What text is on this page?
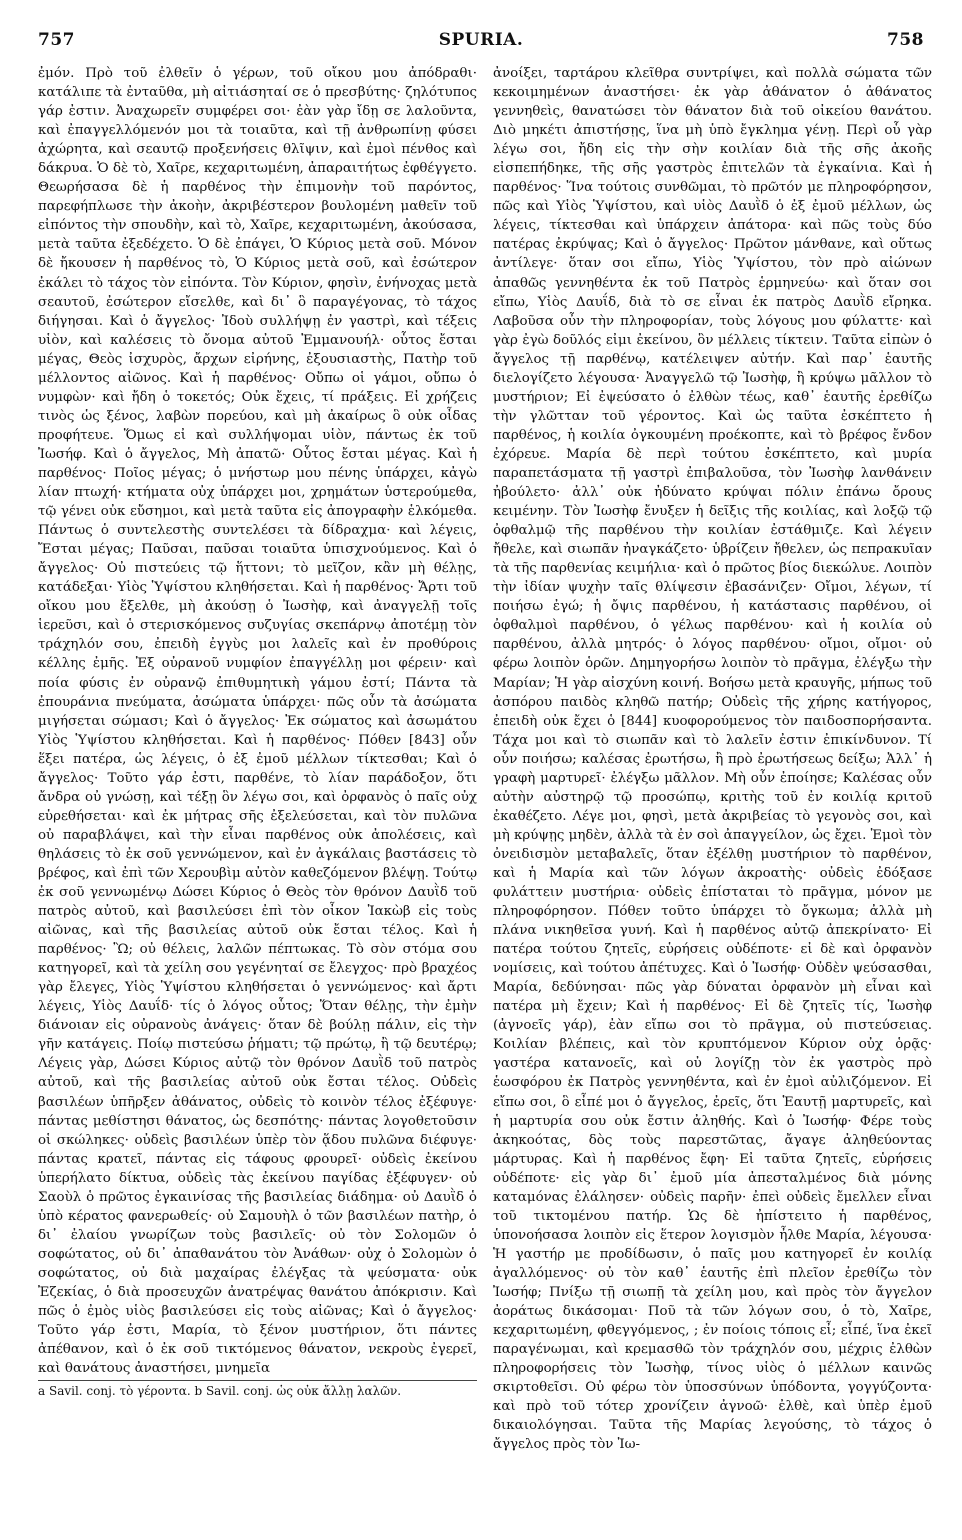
757	SPURIA.	758

ἐμόν. Πρὸ τοῦ ἐλθεῖν ὁ γέρων, τοῦ οἴκου μου ἀπόδραθι· κατάλιπε τὰ ἐνταῦθα, μὴ αἰτιάσηταί σε ὁ πρεσβύτης· ζηλότυπος γάρ ἐστιν. Ἀναχωρεῖν συμφέρει σοι· ἐὰν γὰρ ἴδῃ σε λαλοῦντα, καὶ ἐπαγγελλόμενόν μοι τὰ τοιαῦτα, καὶ τῇ ἀνθρωπίνῃ φύσει ἀχώρητα, καὶ σεαυτῷ προξενήσεις θλῖψιν, καὶ ἐμοὶ πένθος καὶ δάκρυα. Ὁ δὲ τὸ, Χαῖρε, κεχαριτωμένη, ἀπαραιτήτως ἐφθέγγετο. Θεωρήσασα δὲ ἡ παρθένος τὴν ἐπιμονὴν τοῦ παρόντος, παρεφήπλωσε τὴν ἀκοὴν, ἀκριβέστερον βουλομένη μαθεῖν τοῦ εἰπόντος τὴν σπουδὴν, καὶ τὸ, Χαῖρε, κεχαριτωμένη, ἀκούσασα, μετὰ ταῦτα ἐξεδέχετο. Ὁ δὲ ἐπάγει, Ὁ Κύριος μετὰ σοῦ. Μόνον δὲ ἤκουσεν ἡ παρθένος τὸ, Ὁ Κύριος μετὰ σοῦ, καὶ ἐσώτερον ἐκάλει τὸ τάχος τὸν εἰπόντα. Τὸν Κύριον, φησὶν, ἐνήνοχας μετὰ σεαυτοῦ, ἐσώτερον εἴσελθε, καὶ δι᾽ ὃ παραγέγονας, τὸ τάχος διήγησαι. Καὶ ὁ ἄγγελος· Ἰδοὺ συλλήψῃ ἐν γαστρὶ, καὶ τέξεις υἱὸν, καὶ καλέσεις τὸ ὄνομα αὐτοῦ Ἐμμανουήλ· οὗτος ἔσται μέγας, Θεὸς ἰσχυρὸς, ἄρχων εἰρήνης, ἐξουσιαστὴς, Πατὴρ τοῦ μέλλοντος αἰῶνος. Καὶ ἡ παρθένος· Οὔπω οἱ γάμοι, οὔπω ὁ νυμφὼν· καὶ ἤδη ὁ τοκετός; Οὐκ ἔχεις, τί πράξεις. Εἰ χρήζεις τινὸς ὡς ξένος, λαβὼν πορεύου, καὶ μὴ ἀκαίρως ὃ οὐκ οἶδας προφήτευε. Ὅμως εἰ καὶ συλλήψομαι υἱὸν, πάντως ἐκ τοῦ Ἰωσήφ. Καὶ ὁ ἄγγελος, Μὴ ἀπατῶ· Οὗτος ἔσται μέγας. Καὶ ἡ παρθένος· Ποῖος μέγας; ὁ μνήστωρ μου πένης ὑπάρχει, κἀγὼ λίαν πτωχή· κτήματα οὐχ ὑπάρχει μοι, χρημάτων ὑστερούμεθα, τῷ γένει οὐκ εὔσημοι, καὶ μετὰ ταῦτα εἰς ἀπογραφὴν ἑλκόμεθα. Πάντως ὁ συντελεστὴς συντελέσει τὰ δίδραχμα· καὶ λέγεις, Ἔσται μέγας; Παῦσαι, παῦσαι τοιαῦτα ὑπισχνούμενος. Καὶ ὁ ἄγγελος· Οὐ πιστεύεις τῷ ἥττονι; τὸ μεῖζον, κἂν μὴ θέλῃς, κατάδεξαι· Υἱὸς Ὑψίστου κληθήσεται. Καὶ ἡ παρθένος· Ἄρτι τοῦ οἴκου μου ἔξελθε, μὴ ἀκούσῃ ὁ Ἰωσὴφ, καὶ ἀναγγελῇ τοῖς ἱερεῦσι, καὶ ὁ στερισκόμενος συζυγίας σκεπάρνῳ ἀποτέμῃ τὸν τράχηλόν σου, ἐπειδὴ ἐγγὺς μοι λαλεῖς καὶ ἐν προθύροις κέλλης ἐμῆς. Ἐξ οὐρανοῦ νυμφίον ἐπαγγέλλῃ μοι φέρειν· καὶ ποία φύσις ἐν οὐρανῷ ἐπιθυμητικὴ γάμου ἐστί; Πάντα τὰ ἐπουράνια πνεύματα, ἀσώματα ὑπάρχει· πῶς οὖν τὰ ἀσώματα μιγήσεται σώμασι; Καὶ ὁ ἄγγελος· Ἐκ σώματος καὶ ἀσωμάτου Υἱὸς Ὑψίστου κληθήσεται. Καὶ ἡ παρθένος· Πόθεν [843] οὖν ἕξει πατέρα, ὡς λέγεις, ὁ ἐξ ἐμοῦ μέλλων τίκτεσθαι; Καὶ ὁ ἄγγελος· Τοῦτο γάρ ἐστι, παρθένε, τὸ λίαν παράδοξον, ὅτι ἄνδρα οὐ γνώσῃ, καὶ τέξῃ ὃν λέγω σοι, καὶ ὀρφανὸς ὁ παῖς οὐχ εὑρεθήσεται· καὶ ἐκ μήτρας σῆς ἐξελεύσεται, καὶ τὸν πυλῶνα οὐ παραβλάψει, καὶ τὴν εἶναι παρθένος οὐκ ἀπολέσεις, καὶ θηλάσεις τὸ ἐκ σοῦ γεννώμενον, καὶ ἐν ἀγκάλαις βαστάσεις τὸ βρέφος, καὶ ἐπὶ τῶν Χερουβὶμ αὐτὸν καθεζόμενον βλέψῃ. Τούτῳ ἐκ σοῦ γεννωμένῳ Δώσει Κύριος ὁ Θεὸς τὸν θρόνον Δαυῒδ τοῦ πατρὸς αὐτοῦ, καὶ βασιλεύσει ἐπὶ τὸν οἶκον Ἰακὼβ εἰς τοὺς αἰῶνας, καὶ τῆς βασιλείας αὐτοῦ οὐκ ἔσται τέλος. Καὶ ἡ παρθένος· Ὢ; οὐ θέλεις, λαλῶν πέπτωκας. Τὸ σὸν στόμα σου κατηγορεῖ, καὶ τὰ χείλη σου γεγένηταί σε ἔλεγχος· πρὸ βραχέος γὰρ ἔλεγες, Υἱὸς Ὑψίστου κληθήσεται ὁ γεννώμενος· καὶ ἄρτι λέγεις, Υἱὸς Δαυΐδ· τίς ὁ λόγος οὗτος; Ὅταν θέλῃς, τὴν ἐμὴν διάνοιαν εἰς οὐρανοὺς ἀνάγεις· ὅταν δὲ βούλῃ πάλιν, εἰς τὴν γῆν κατάγεις. Ποίῳ πιστεύσω ῥήματι; τῷ πρώτῳ, ἢ τῷ δευτέρῳ; Λέγεις γὰρ, Δώσει Κύριος αὐτῷ τὸν θρόνον Δαυῒδ τοῦ πατρὸς αὐτοῦ, καὶ τῆς βασιλείας αὐτοῦ οὐκ ἔσται τέλος. Οὐδεὶς βασιλέων ὑπῆρξεν ἀθάνατος, οὐδεὶς τὸ κοινὸν τέλος ἐξέφυγε· πάντας μεθίστησι θάνατος, ὡς δεσπότης· πάντας λογοθετοῦσιν οἱ σκώληκες· οὐδεὶς βασιλέων ὑπὲρ τὸν ᾅδου πυλῶνα διέφυγε· πάντας κρατεῖ, πάντας εἰς τάφους φρουρεῖ· οὐδεὶς ἐκείνου ὑπερήλατο δίκτυα, οὐδεὶς τὰς ἐκείνου παγίδας ἐξέφυγεν· οὐ Σαοὺλ ὁ πρῶτος ἐγκαινίσας τῆς βασιλείας διάδημα· οὐ Δαυῒδ ὁ ὑπὸ κέρατος φανερωθείς· οὐ Σαμουὴλ ὁ τῶν βασιλέων πατὴρ, ὁ δι᾽ ἐλαίου γνωρίζων τοὺς βασιλεῖς· οὐ τὸν Σολομῶν ὁ σοφώτατος, οὐ δι᾽ ἀπαθανάτου τὸν Ἀνάθων· οὐχ ὁ Σολομὼν ὁ σοφώτατος, οὐ διὰ μαχαίρας ἐλέγξας τὰ ψεύσματα· οὐκ Ἐζεκίας, ὁ διὰ προσευχῶν ἀνατρέψας θανάτου ἀπόκρισιν. Καὶ πῶς ὁ ἐμὸς υἱὸς βασιλεύσει εἰς τοὺς αἰῶνας; Καὶ ὁ ἄγγελος· Τοῦτο γάρ ἐστι, Μαρία, τὸ ξένον μυστήριον, ὅτι πάντες ἀπέθανον, καὶ ὁ ἐκ σοῦ τικτόμενος θάνατον, νεκροὺς ἐγερεῖ, καὶ θανάτους ἀναστήσει, μνημεῖα

a Savil. conj. τὸ γέροντα. b Savil. conj. ὡς οὐκ ἄλλῃ λαλῶν.

ἀνοίξει, ταρτάρου κλεῖθρα συντρίψει, καὶ πολλὰ σώματα τῶν κεκοιμημένων ἀναστήσει· ἐκ γὰρ ἀθάνατον ὁ ἀθάνατος γεννηθεὶς, θανατώσει τὸν θάνατον διὰ τοῦ οἰκείου θανάτου. Διὸ μηκέτι ἀπιστήσῃς, ἵνα μὴ ὑπὸ ἔγκλημα γένῃ. Περὶ οὗ γὰρ λέγω σοι, ἤδη εἰς τὴν σὴν κοιλίαν διὰ τῆς σῆς ἀκοῆς εἰσπεπήδηκε, τῆς σῆς γαστρὸς ἐπιτελῶν τὰ ἐγκαίνια. Καὶ ἡ παρθένος· Ἵνα τούτοις συνθῶμαι, τὸ πρῶτόν με πληροφόρησον, πῶς καὶ Υἱὸς Ὑψίστου, καὶ υἱὸς Δαυῒδ ὁ ἐξ ἐμοῦ μέλλων, ὡς λέγεις, τίκτεσθαι καὶ ὑπάρχειν ἀπάτορα· καὶ πῶς τοὺς δύο πατέρας ἐκρύψας; Καὶ ὁ ἄγγελος· Πρῶτον μάνθανε, καὶ οὕτως ἀντίλεγε· ὅταν σοι εἴπω, Υἱὸς Ὑψίστου, τὸν πρὸ αἰώνων ἀπαθῶς γεννηθέντα ἐκ τοῦ Πατρὸς ἑρμηνεύω· καὶ ὅταν σοι εἴπω, Υἱὸς Δαυΐδ, διὰ τὸ σε εἶναι ἐκ πατρὸς Δαυῒδ εἴρηκα. Λαβοῦσα οὖν τὴν πληροφορίαν, τοὺς λόγους μου φύλαττε· καὶ γὰρ ἐγὼ δοῦλός εἰμι ἐκείνου, ὃν μέλλεις τίκτειν. Ταῦτα εἰπὼν ὁ ἄγγελος τῇ παρθένῳ, κατέλειψεν αὐτήν. Καὶ παρ᾽ ἑαυτῆς διελογίζετο λέγουσα· Ἀναγγελῶ τῷ Ἰωσὴφ, ἢ κρύψω μᾶλλον τὸ μυστήριον; Εἰ ἐψεύσατο ὁ ἐλθὼν τέως, καθ᾽ ἑαυτῆς ἐρεθίζω τὴν γλῶτταν τοῦ γέροντος. Καὶ ὡς ταῦτα ἐσκέπτετο ἡ παρθένος, ἡ κοιλία ὀγκουμένη προέκοπτε, καὶ τὸ βρέφος ἔνδον ἐχόρευε. Μαρία δὲ περὶ τούτου ἐσκέπτετο, καὶ μυρία παραπετάσματα τῇ γαστρὶ ἐπιβαλοῦσα, τὸν Ἰωσὴφ λανθάνειν ἠβούλετο· ἀλλ᾽ οὐκ ἠδύνατο κρύψαι πόλιν ἐπάνω ὄρους κειμένην. Τὸν Ἰωσὴφ ἔνυξεν ἡ δεῖξις τῆς κοιλίας, καὶ λοξῷ τῷ ὀφθαλμῷ τῆς παρθένου τὴν κοιλίαν ἐστάθμιζε. Καὶ λέγειν ἤθελε, καὶ σιωπᾶν ἠναγκάζετο· ὑβρίζειν ἤθελεν, ὡς πεπρακυῖαν τὰ τῆς παρθενίας κειμήλια· καὶ ὁ πρῶτος βίος διεκώλυε. Λοιπὸν τὴν ἰδίαν ψυχὴν ταῖς θλίψεσιν ἐβασάνιζεν· Οἴμοι, λέγων, τί ποιήσω ἐγώ; ἡ ὄψις παρθένου, ἡ κατάστασις παρθένου, οἱ ὀφθαλμοὶ παρθένου, ὁ γέλως παρθένου· καὶ ἡ κοιλία οὐ παρθένου, ἀλλὰ μητρός· ὁ λόγος παρθένου· οἴμοι, οἴμοι· οὐ φέρω λοιπὸν ὁρῶν. Δημηγορήσω λοιπὸν τὸ πρᾶγμα, ἐλέγξω τὴν Μαρίαν; Ἡ γὰρ αἰσχύνη κοινή. Βοήσω μετὰ κραυγῆς, μήπως τοῦ ἀσπόρου παιδὸς κληθῶ πατήρ; Οὐδεὶς τῆς χήρης κατήγορος, ἐπειδὴ οὐκ ἔχει ὁ [844] κυοφορούμενος τὸν παιδοσπορήσαντα. Τάχα μοι καὶ τὸ σιωπᾶν καὶ τὸ λαλεῖν ἐστιν ἐπικίνδυνον. Τί οὖν ποιήσω; καλέσας ἐρωτήσω, ἢ πρὸ ἐρωτήσεως δείξω; Ἀλλ᾽ ἡ γραφὴ μαρτυρεῖ· ἐλέγξω μᾶλλον. Μὴ οὖν ἐποίησε; Καλέσας οὖν αὐτὴν αὐστηρῷ τῷ προσώπῳ, κριτὴς τοῦ ἐν κοιλίᾳ κριτοῦ ἐκαθέζετο. Λέγε μοι, φησὶ, μετὰ ἀκριβείας τὸ γεγονὸς σοι, καὶ μὴ κρύψῃς μηδὲν, ἀλλὰ τὰ ἐν σοὶ ἀπαγγείλον, ὡς ἔχει. Ἐμοὶ τὸν ὀνειδισμὸν μεταβαλεῖς, ὅταν ἐξέλθῃ μυστήριον τὸ παρθένον, καὶ ἡ Μαρία καὶ τῶν λόγων ἀκροατὴς· οὐδεὶς ἐδόξασε φυλάττειν μυστήρια· οὐδεὶς ἐπίσταται τὸ πρᾶγμα, μόνον με πληροφόρησον. Πόθεν τοῦτο ὑπάρχει τὸ ὄγκωμα; ἀλλὰ μὴ πλάνα νικηθεῖσα γυνή. Καὶ ἡ παρθένος αὐτῷ ἀπεκρίνατο· Εἰ πατέρα τούτου ζητεῖς, εὑρήσεις οὐδέποτε· εἰ δὲ καὶ ὀρφανὸν νομίσεις, καὶ τούτου ἀπέτυχες. Καὶ ὁ Ἰωσήφ· Οὐδὲν ψεύσασθαι, Μαρία, δεδύνησαι· πῶς γὰρ δύναται ὀρφανὸν μὴ εἶναι καὶ πατέρα μὴ ἔχειν; Καὶ ἡ παρθένος· Εἰ δὲ ζητεῖς τίς, Ἰωσὴφ (ἀγνοεῖς γάρ), ἐὰν εἴπω σοι τὸ πρᾶγμα, οὐ πιστεύσειας. Κοιλίαν βλέπεις, καὶ τὸν κρυπτόμενον Κύριον οὐχ ὁρᾷς· γαστέρα κατανοεῖς, καὶ οὐ λογίζῃ τὸν ἐκ γαστρὸς πρὸ ἑωσφόρου ἐκ Πατρὸς γεννηθέντα, καὶ ἐν ἐμοὶ αὐλιζόμενον. Εἰ εἴπω σοι, ὃ εἶπέ μοι ὁ ἄγγελος, ἐρεῖς, ὅτι Ἑαυτῇ μαρτυρεῖς, καὶ ἡ μαρτυρία σου οὐκ ἔστιν ἀληθής. Καὶ ὁ Ἰωσήφ· Φέρε τοὺς ἀκηκοότας, δὸς τοὺς παρεστῶτας, ἄγαγε ἀληθεύοντας μάρτυρας. Καὶ ἡ παρθένος ἔφη· Εἰ ταῦτα ζητεῖς, εὑρήσεις οὐδέποτε· εἰς γὰρ δι᾽ ἐμοῦ μία ἀπεσταλμένος διὰ μόνης καταμόνας ἐλάλησεν· οὐδεὶς παρῆν· ἐπεὶ οὐδεὶς ἔμελλεν εἶναι τοῦ τικτομένου πατήρ. Ὡς δὲ ἠπίστειτο ἡ παρθένος, ὑπονοήσασα λοιπὸν εἰς ἕτερον λογισμὸν ἦλθε Μαρία, λέγουσα· Ἡ γαστήρ με προδίδωσιν, ὁ παῖς μου κατηγορεῖ ἐν κοιλίᾳ ἀγαλλόμενος· οὐ τὸν καθ᾽ ἑαυτῆς ἐπὶ πλεῖον ἐρεθίζω τὸν Ἰωσήφ; Πνίξω τῇ σιωπῇ τὰ χείλη μου, καὶ πρὸς τὸν ἄγγελον ἀοράτως δικάσομαι· Ποῦ τὰ τῶν λόγων σου, ὁ τὸ, Χαῖρε, κεχαριτωμένη, φθεγγόμενος, ; ἐν ποίοις τόποις εἶ; εἶπέ, ἵνα ἐκεῖ παραγένωμαι, καὶ κρεμασθῶ τὸν τράχηλόν σου, μέχρις ἐλθὼν πληροφορήσεις τὸν Ἰωσὴφ, τίνος υἱὸς ὁ μέλλων καινῶς σκιρτοθεῖσι. Οὐ φέρω τὸν ὑποσσύνων ὑπόδοντα, γογγύζοντα· καὶ πρὸ τοῦ τότερ χρονίζειν ἀγνοῶ· ἐλθὲ, καὶ ὑπὲρ ἐμοῦ δικαιολόγησαι. Ταῦτα τῆς Μαρίας λεγούσης, τὸ τάχος ὁ ἄγγελος πρὸς τὸν Ἰω-
